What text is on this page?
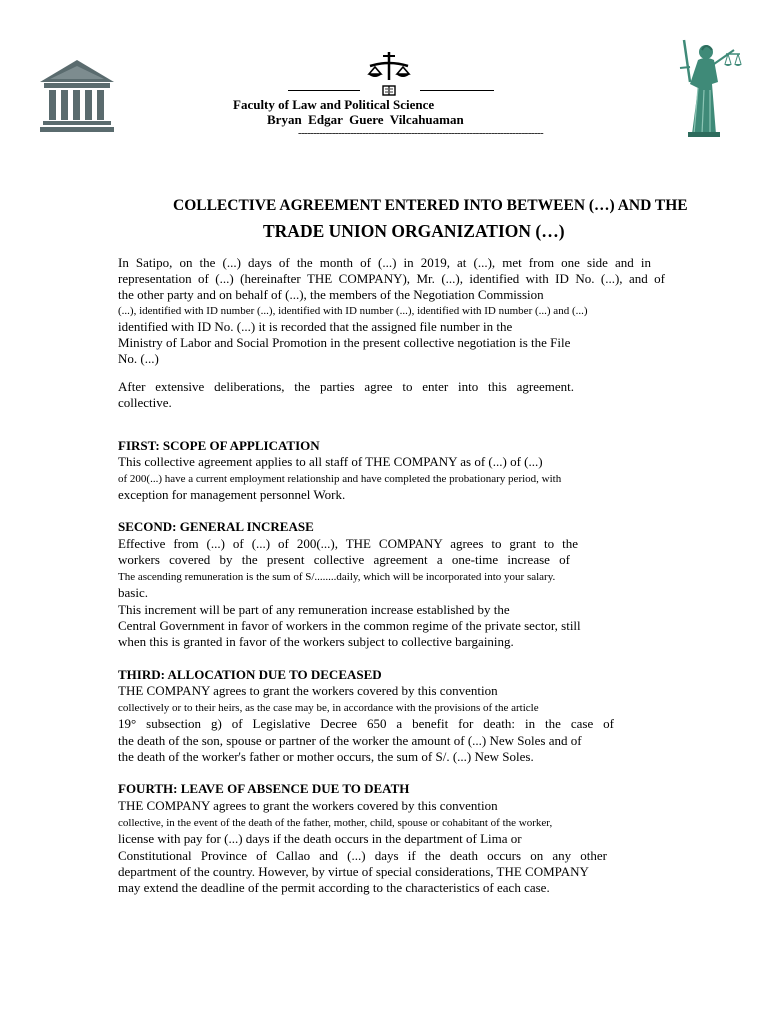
Faculty of Law and Political Science
Bryan  Edgar  Guere  Vilcahuaman
--------------------------------------------------------------------------------
COLLECTIVE AGREEMENT ENTERED INTO BETWEEN (…) AND THE
TRADE UNION ORGANIZATION (…)
In Satipo, on the (...) days of the month of (...) in 2019, at (...), met from one side and in
representation of (...) (hereinafter THE COMPANY), Mr. (...), identified with ID No. (...), and of
the other party and on behalf of (...), the members of the Negotiation Commission
(...), identified with ID number (...), identified with ID number (...), identified with ID number (...) and (...)
identified with ID No. (...) it is recorded that the assigned file number in the
Ministry of Labor and Social Promotion in the present collective negotiation is the File
No. (...)
After extensive deliberations, the parties agree to enter into this agreement.
collective.
FIRST: SCOPE OF APPLICATION
This collective agreement applies to all staff of THE COMPANY as of (...) of (...)
of 200(...) have a current employment relationship and have completed the probationary period, with
exception for management personnel Work.
SECOND: GENERAL INCREASE
Effective from (...) of (...) of 200(...), THE COMPANY agrees to grant to the
workers covered by the present collective agreement a one-time increase of
The ascending remuneration is the sum of S/........daily, which will be incorporated into your salary.
basic.
This increment will be part of any remuneration increase established by the
Central Government in favor of workers in the common regime of the private sector, still
when this is granted in favor of the workers subject to collective bargaining.
THIRD: ALLOCATION DUE TO DECEASED
THE COMPANY agrees to grant the workers covered by this convention
collectively or to their heirs, as the case may be, in accordance with the provisions of the article
19° subsection g) of Legislative Decree 650 a benefit for death: in the case of
the death of the son, spouse or partner of the worker the amount of (...) New Soles and of
the death of the worker's father or mother occurs, the sum of S/. (...) New Soles.
FOURTH: LEAVE OF ABSENCE DUE TO DEATH
THE COMPANY agrees to grant the workers covered by this convention
collective, in the event of the death of the father, mother, child, spouse or cohabitant of the worker,
license with pay for (...) days if the death occurs in the department of Lima or
Constitutional Province of Callao and (...) days if the death occurs on any other
department of the country. However, by virtue of special considerations, THE COMPANY
may extend the deadline of the permit according to the characteristics of each case.
